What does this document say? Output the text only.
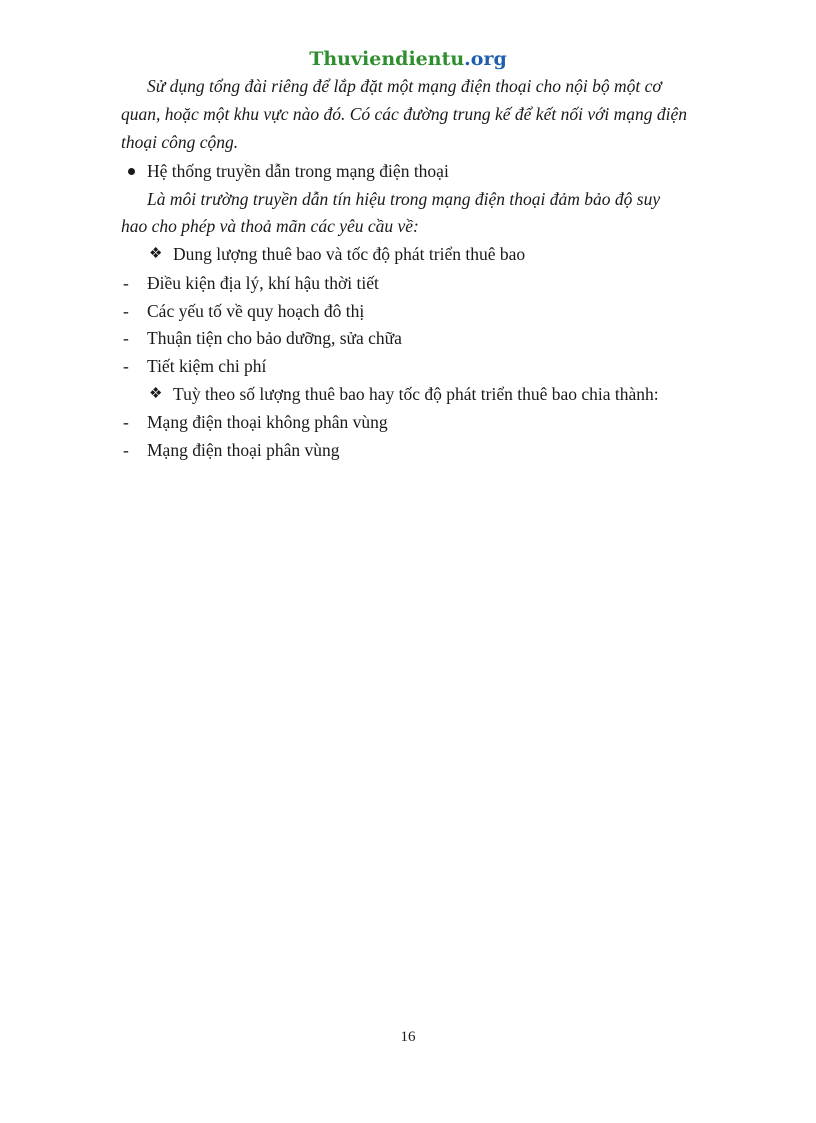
Thuviendientu.org
Sử dụng tổng đài riêng để lắp đặt một mạng điện thoại cho nội bộ một cơ
quan, hoặc một khu vực nào đó. Có các đường trung kế để kết nối với mạng điện
thoại công cộng.
Hệ thống truyền dẫn trong mạng điện thoại
Là môi trường truyền dẫn tín hiệu trong mạng điện thoại đảm bảo độ suy
hao cho phép và thoả mãn các yêu cầu về:
❖ Dung lượng thuê bao và tốc độ phát triển thuê bao
- Điều kiện địa lý, khí hậu thời tiết
- Các yếu tố về quy hoạch đô thị
- Thuận tiện cho bảo dưỡng, sửa chữa
- Tiết kiệm chi phí
❖ Tuỳ theo số lượng thuê bao hay tốc độ phát triển thuê bao chia thành:
- Mạng điện thoại không phân vùng
- Mạng điện thoại phân vùng
16
